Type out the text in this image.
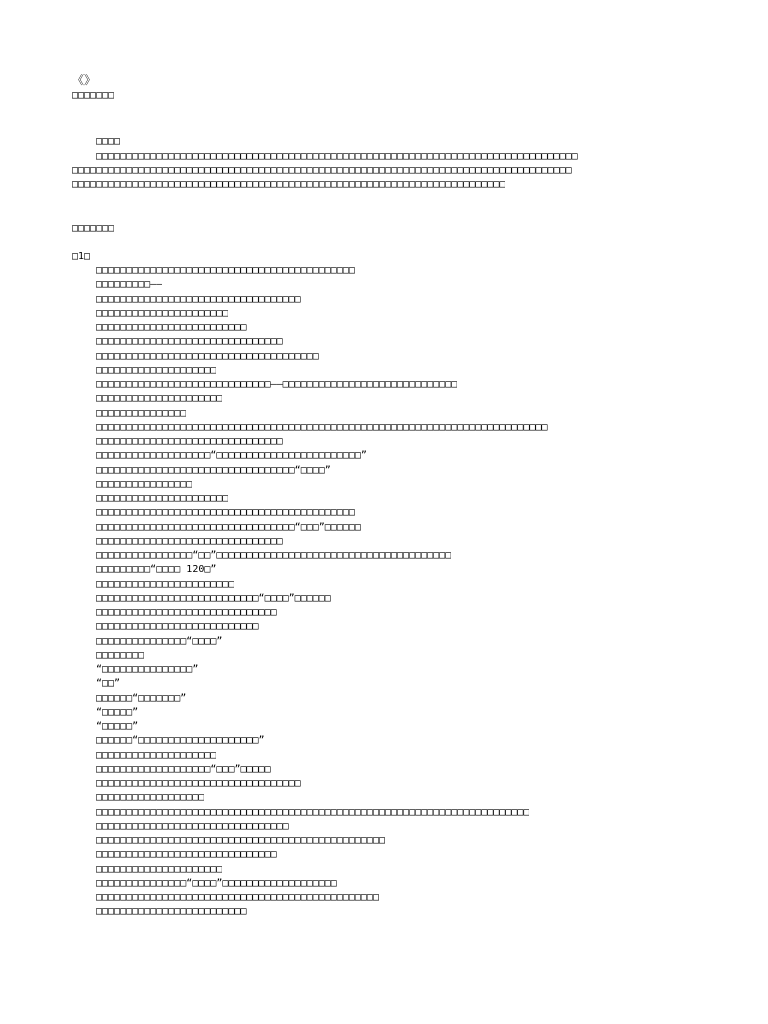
《》
□□□□□□□
□□□□
□□□□□□□□□□□□□□□□□□□□□□□□□□□□□□□□□□□□□□□□□□□□□□□□□□□□□□□□□□□□□□□□□□□□□□□□□□□□□□□□
□□□□□□□□□□□□□□□□□□□□□□□□□□□□□□□□□□□□□□□□□□□□□□□□□□□□□□□□□□□□□□□□□□□□□□□□□□□□□□□□□□□
□□□□□□□□□□□□□□□□□□□□□□□□□□□□□□□□□□□□□□□□□□□□□□□□□□□□□□□□□□□□□□□□□□□□□□□□
□□□□□□□
□1□
□□□□□□□□□□□□□□□□□□□□□□□□□□□□□□□□□□□□□□□□□□□
□□□□□□□□□——
□□□□□□□□□□□□□□□□□□□□□□□□□□□□□□□□□□
□□□□□□□□□□□□□□□□□□□□□□
□□□□□□□□□□□□□□□□□□□□□□□□□
□□□□□□□□□□□□□□□□□□□□□□□□□□□□□□□
□□□□□□□□□□□□□□□□□□□□□□□□□□□□□□□□□□□□□
□□□□□□□□□□□□□□□□□□□□
□□□□□□□□□□□□□□□□□□□□□□□□□□□□□——□□□□□□□□□□□□□□□□□□□□□□□□□□□□□
□□□□□□□□□□□□□□□□□□□□□
□□□□□□□□□□□□□□□
□□□□□□□□□□□□□□□□□□□□□□□□□□□□□□□□□□□□□□□□□□□□□□□□□□□□□□□□□□□□□□□□□□□□□□□□□□□
□□□□□□□□□□□□□□□□□□□□□□□□□□□□□□□
□□□□□□□□□□□□□□□□□□□“□□□□□□□□□□□□□□□□□□□□□□□□”
□□□□□□□□□□□□□□□□□□□□□□□□□□□□□□□□□“□□□□”
□□□□□□□□□□□□□□□□
□□□□□□□□□□□□□□□□□□□□□□
□□□□□□□□□□□□□□□□□□□□□□□□□□□□□□□□□□□□□□□□□□□
□□□□□□□□□□□□□□□□□□□□□□□□□□□□□□□□□“□□□”□□□□□□
□□□□□□□□□□□□□□□□□□□□□□□□□□□□□□□
□□□□□□□□□□□□□□□□“□□”□□□□□□□□□□□□□□□□□□□□□□□□□□□□□□□□□□□□□□□
□□□□□□□□□“□□□□ 120□”
□□□□□□□□□□□□□□□□□□□□□□□
□□□□□□□□□□□□□□□□□□□□□□□□□□□“□□□□”□□□□□□
□□□□□□□□□□□□□□□□□□□□□□□□□□□□□□
□□□□□□□□□□□□□□□□□□□□□□□□□□□
□□□□□□□□□□□□□□□“□□□□”
□□□□□□□□
“□□□□□□□□□□□□□□□”
“□□”
□□□□□□“□□□□□□□”
“□□□□□”
“□□□□□”
□□□□□□“□□□□□□□□□□□□□□□□□□□□”
□□□□□□□□□□□□□□□□□□□□
□□□□□□□□□□□□□□□□□□□“□□□”□□□□□
□□□□□□□□□□□□□□□□□□□□□□□□□□□□□□□□□□
□□□□□□□□□□□□□□□□□□
□□□□□□□□□□□□□□□□□□□□□□□□□□□□□□□□□□□□□□□□□□□□□□□□□□□□□□□□□□□□□□□□□□□□□□□□
□□□□□□□□□□□□□□□□□□□□□□□□□□□□□□□□
□□□□□□□□□□□□□□□□□□□□□□□□□□□□□□□□□□□□□□□□□□□□□□□□
□□□□□□□□□□□□□□□□□□□□□□□□□□□□□□
□□□□□□□□□□□□□□□□□□□□□
□□□□□□□□□□□□□□□“□□□□”□□□□□□□□□□□□□□□□□□□
□□□□□□□□□□□□□□□□□□□□□□□□□□□□□□□□□□□□□□□□□□□□□□□
□□□□□□□□□□□□□□□□□□□□□□□□□
